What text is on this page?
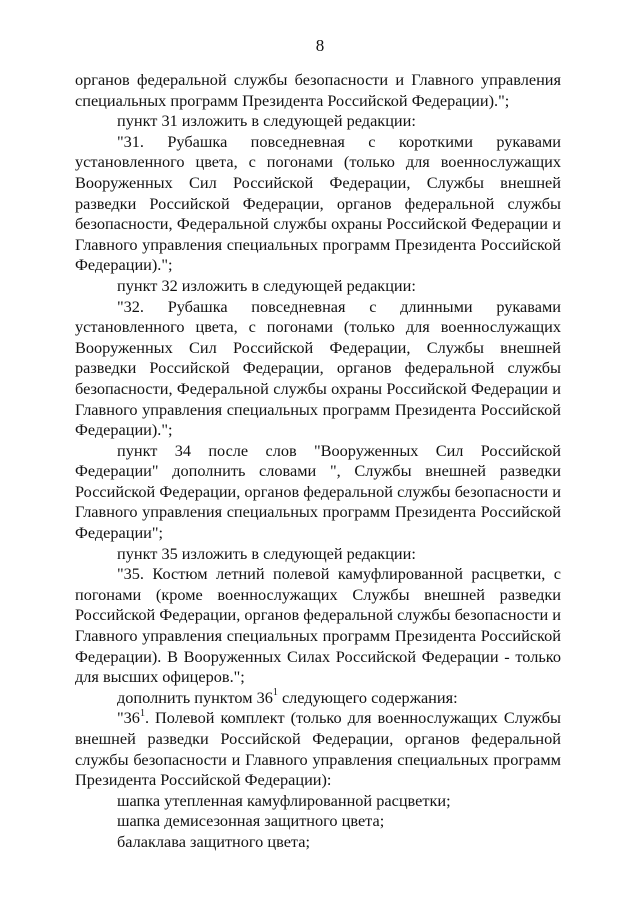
8

органов федеральной службы безопасности и Главного управления специальных программ Президента Российской Федерации).";

пункт 31 изложить в следующей редакции:

"31. Рубашка повседневная с короткими рукавами установленного цвета, с погонами (только для военнослужащих Вооруженных Сил Российской Федерации, Службы внешней разведки Российской Федерации, органов федеральной службы безопасности, Федеральной службы охраны Российской Федерации и Главного управления специальных программ Президента Российской Федерации).";

пункт 32 изложить в следующей редакции:

"32. Рубашка повседневная с длинными рукавами установленного цвета, с погонами (только для военнослужащих Вооруженных Сил Российской Федерации, Службы внешней разведки Российской Федерации, органов федеральной службы безопасности, Федеральной службы охраны Российской Федерации и Главного управления специальных программ Президента Российской Федерации).";

пункт 34 после слов "Вооруженных Сил Российской Федерации" дополнить словами ", Службы внешней разведки Российской Федерации, органов федеральной службы безопасности и Главного управления специальных программ Президента Российской Федерации";

пункт 35 изложить в следующей редакции:

"35. Костюм летний полевой камуфлированной расцветки, с погонами (кроме военнослужащих Службы внешней разведки Российской Федерации, органов федеральной службы безопасности и Главного управления специальных программ Президента Российской Федерации). В Вооруженных Силах Российской Федерации - только для высших офицеров.";

дополнить пунктом $36^1$ следующего содержания:

"$36^1$. Полевой комплект (только для военнослужащих Службы внешней разведки Российской Федерации, органов федеральной службы безопасности и Главного управления специальных программ Президента Российской Федерации):

шапка утепленная камуфлированной расцветки;

шапка демисезонная защитного цвета;

балаклава защитного цвета;
